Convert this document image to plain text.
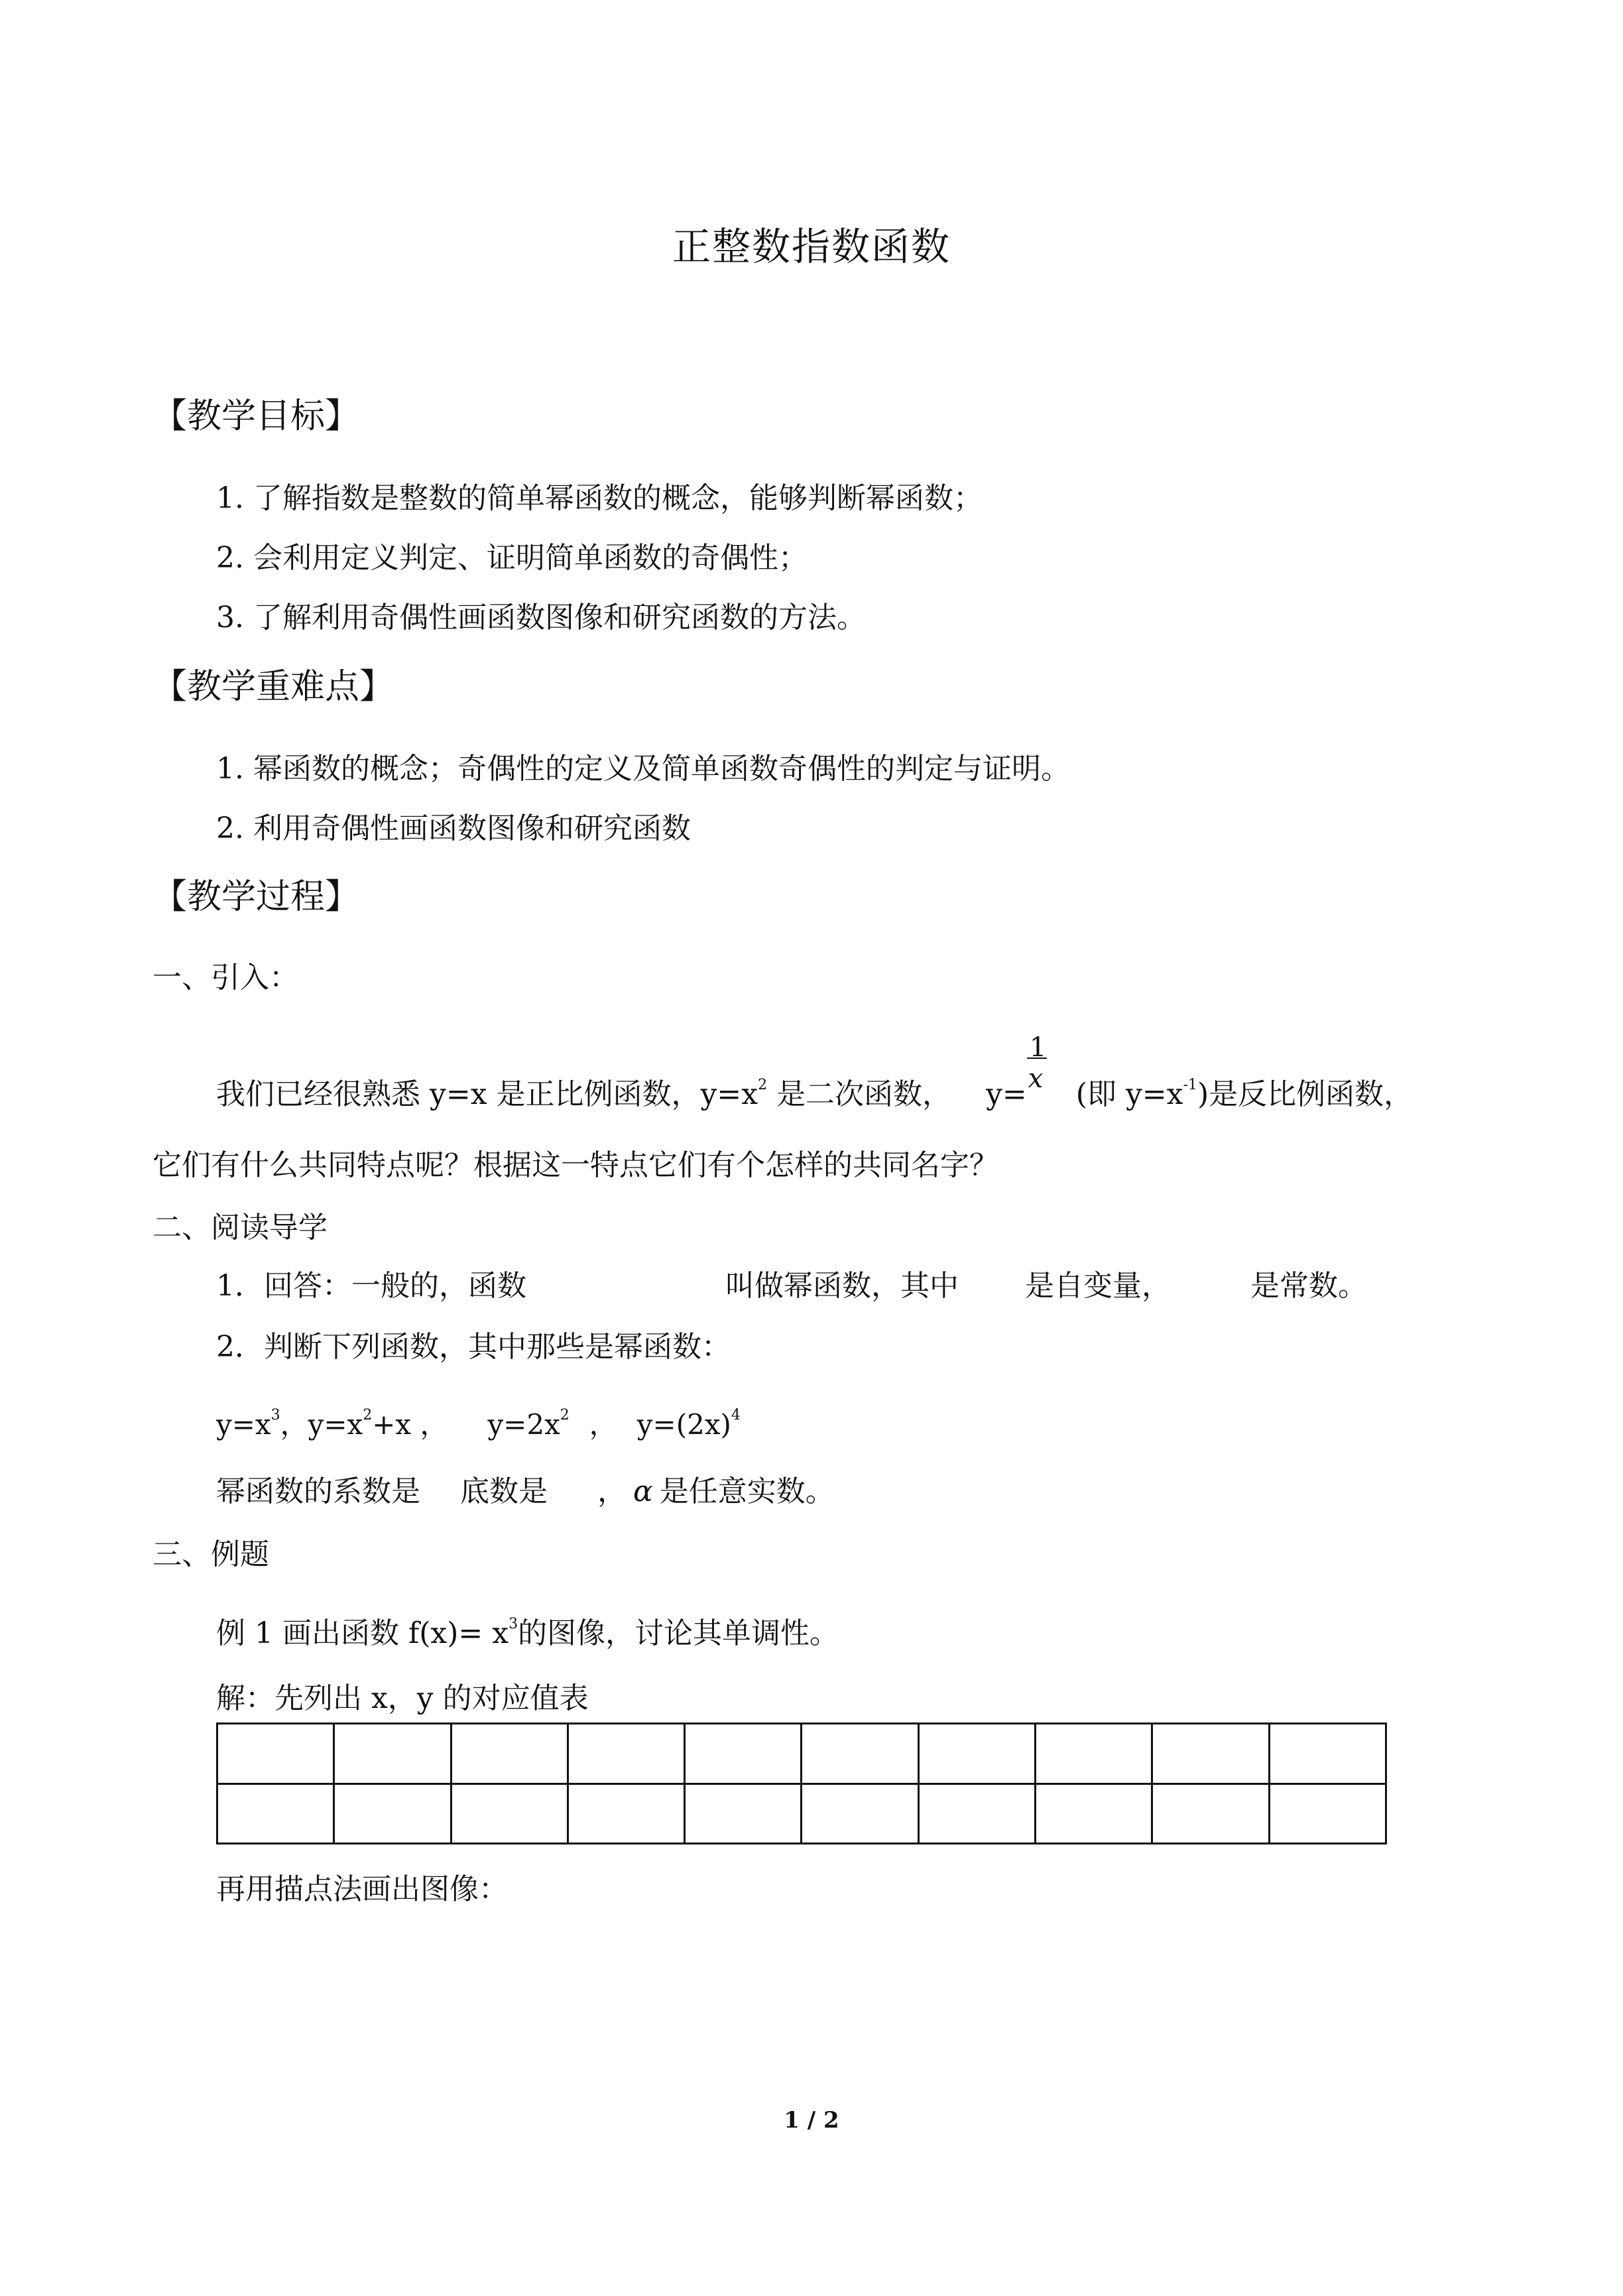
正整数指数函数
【教学目标】
1. 了解指数是整数的简单幂函数的概念，能够判断幂函数；
2. 会利用定义判定、证明简单函数的奇偶性；
3. 了解利用奇偶性画函数图像和研究函数的方法。
【教学重难点】
1. 幂函数的概念；奇偶性的定义及简单函数奇偶性的判定与证明。
2. 利用奇偶性画函数图像和研究函数
【教学过程】
一、引入：
我们已经很熟悉 y=x 是正比例函数，$y=x^2$ 是二次函数， $y= \frac{1}{x}$ (即 $y=x^{-1}$)是反比例函数，
它们有什么共同特点呢？根据这一特点它们有个怎样的共同名字？
二、阅读导学
1．回答：一般的，函数	叫做幂函数，其中 是自变量，	是常数。
2．判断下列函数，其中那些是幂函数：
$y=x^3$，$y=x^2+x$ ， $y=2x^2$ ， $y=(2x)^4$
幂函数的系数是 底数是 ， α 是任意实数。
三、例题
例 1 画出函数 $f(x)= x^3$的图像，讨论其单调性。
解：先列出 x，y 的对应值表

再用描点法画出图像：
1 / 2
